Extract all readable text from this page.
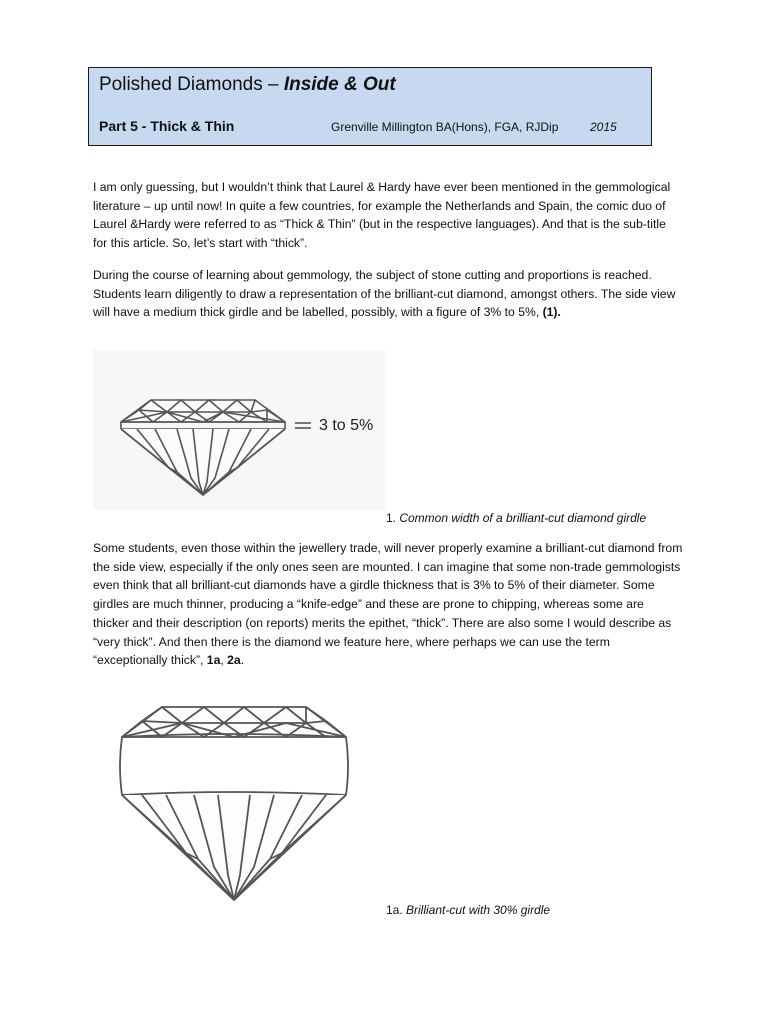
Polished Diamonds – Inside & Out
Part 5 - Thick & Thin	Grenville Millington BA(Hons), FGA, RJDip	2015

I am only guessing, but I wouldn’t think that Laurel & Hardy have ever been mentioned in the gemmological literature – up until now! In quite a few countries, for example the Netherlands and Spain, the comic duo of Laurel &Hardy were referred to as “Thick & Thin” (but in the respective languages). And that is the sub-title for this article. So, let’s start with “thick”.

During the course of learning about gemmology, the subject of stone cutting and proportions is reached. Students learn diligently to draw a representation of the brilliant-cut diamond, amongst others. The side view will have a medium thick girdle and be labelled, possibly, with a figure of 3% to 5%, (1).

3 to 5%
1. Common width of a brilliant-cut diamond girdle

Some students, even those within the jewellery trade, will never properly examine a brilliant-cut diamond from the side view, especially if the only ones seen are mounted. I can imagine that some non-trade gemmologists even think that all brilliant-cut diamonds have a girdle thickness that is 3% to 5% of their diameter. Some girdles are much thinner, producing a “knife-edge” and these are prone to chipping, whereas some are thicker and their description (on reports) merits the epithet, “thick”. There are also some I would describe as “very thick”. And then there is the diamond we feature here, where perhaps we can use the term “exceptionally thick”, 1a, 2a.

1a. Brilliant-cut with 30% girdle
